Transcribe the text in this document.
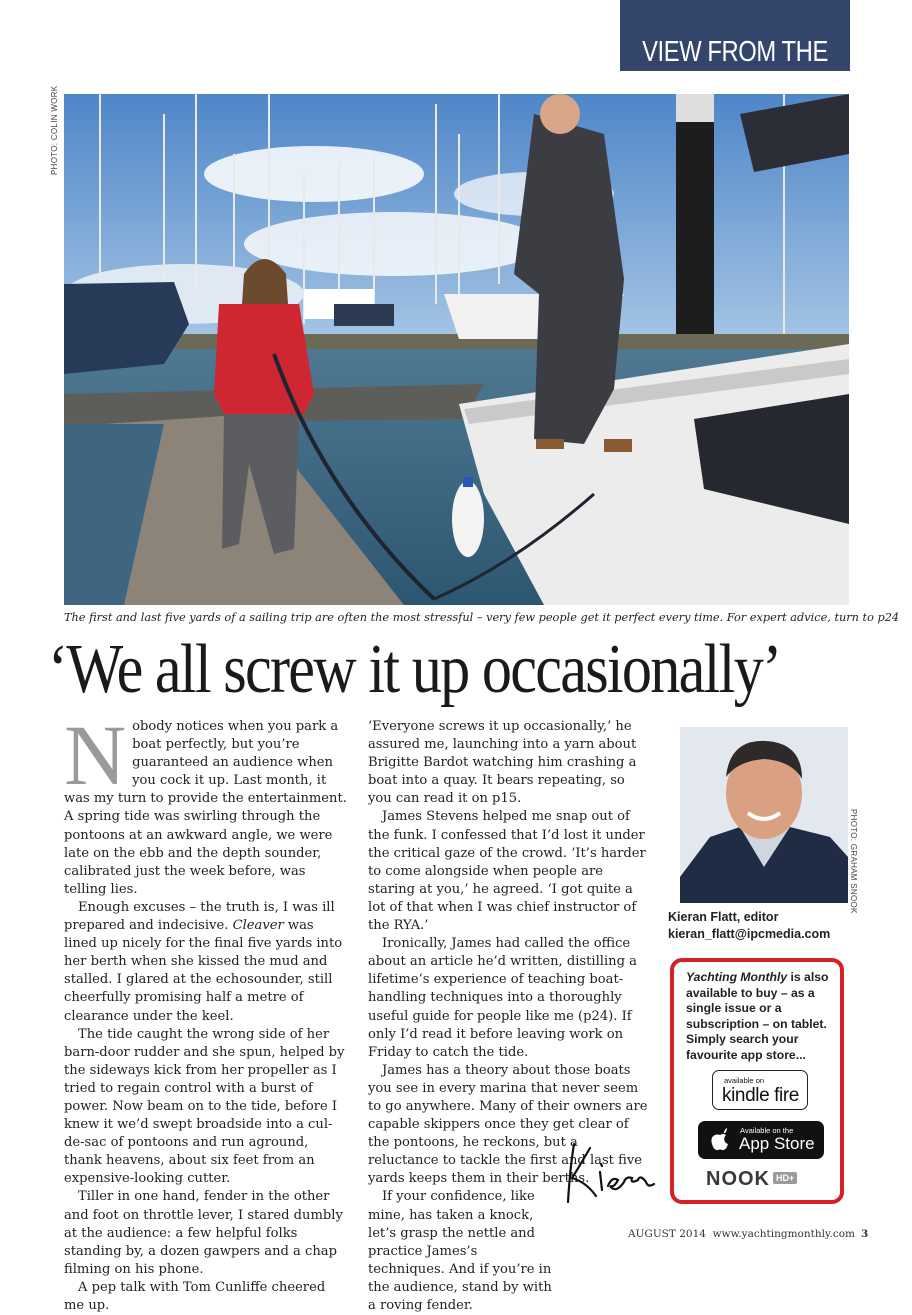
VIEW FROM THE
PHOTO: COLIN WORK
The first and last five yards of a sailing trip are often the most stressful – very few people get it perfect every time. For expert advice, turn to p24
‘We all screw it up occasionally’

Nobody notices when you park a boat perfectly, but you’re guaranteed an audience when you cock it up. Last month, it was my turn to provide the entertainment. A spring tide was swirling through the pontoons at an awkward angle, we were late on the ebb and the depth sounder, calibrated just the week before, was telling lies.

Enough excuses – the truth is, I was ill prepared and indecisive. Cleaver was lined up nicely for the final five yards into her berth when she kissed the mud and stalled. I glared at the echosounder, still cheerfully promising half a metre of clearance under the keel.

The tide caught the wrong side of her barn-door rudder and she spun, helped by the sideways kick from her propeller as I tried to regain control with a burst of power. Now beam on to the tide, before I knew it we’d swept broadside into a cul-de-sac of pontoons and run aground, thank heavens, about six feet from an expensive-looking cutter.

Tiller in one hand, fender in the other and foot on throttle lever, I stared dumbly at the audience: a few helpful folks standing by, a dozen gawpers and a chap filming on his phone.

A pep talk with Tom Cunliffe cheered me up.

‘Everyone screws it up occasionally,’ he assured me, launching into a yarn about Brigitte Bardot watching him crashing a boat into a quay. It bears repeating, so you can read it on p15.

James Stevens helped me snap out of the funk. I confessed that I’d lost it under the critical gaze of the crowd. ‘It’s harder to come alongside when people are staring at you,’ he agreed. ‘I got quite a lot of that when I was chief instructor of the RYA.’

Ironically, James had called the office about an article he’d written, distilling a lifetime’s experience of teaching boat-handling techniques into a thoroughly useful guide for people like me (p24). If only I’d read it before leaving work on Friday to catch the tide.

James has a theory about those boats you see in every marina that never seem to go anywhere. Many of their owners are capable skippers once they get clear of the pontoons, he reckons, but a reluctance to tackle the first and last five yards keeps them in their berths.

If your confidence, like mine, has taken a knock, let’s grasp the nettle and practice James’s techniques. And if you’re in the audience, stand by with a roving fender.

PHOTO: GRAHAM SNOOK
Kieran Flatt, editor
kieran_flatt@ipcmedia.com
Yachting Monthly is also available to buy – as a single issue or a subscription – on tablet. Simply search your favourite app store...
available on
kindle fire
Available on the
App Store
NOOK HD+
AUGUST 2014 www.yachtingmonthly.com 3
